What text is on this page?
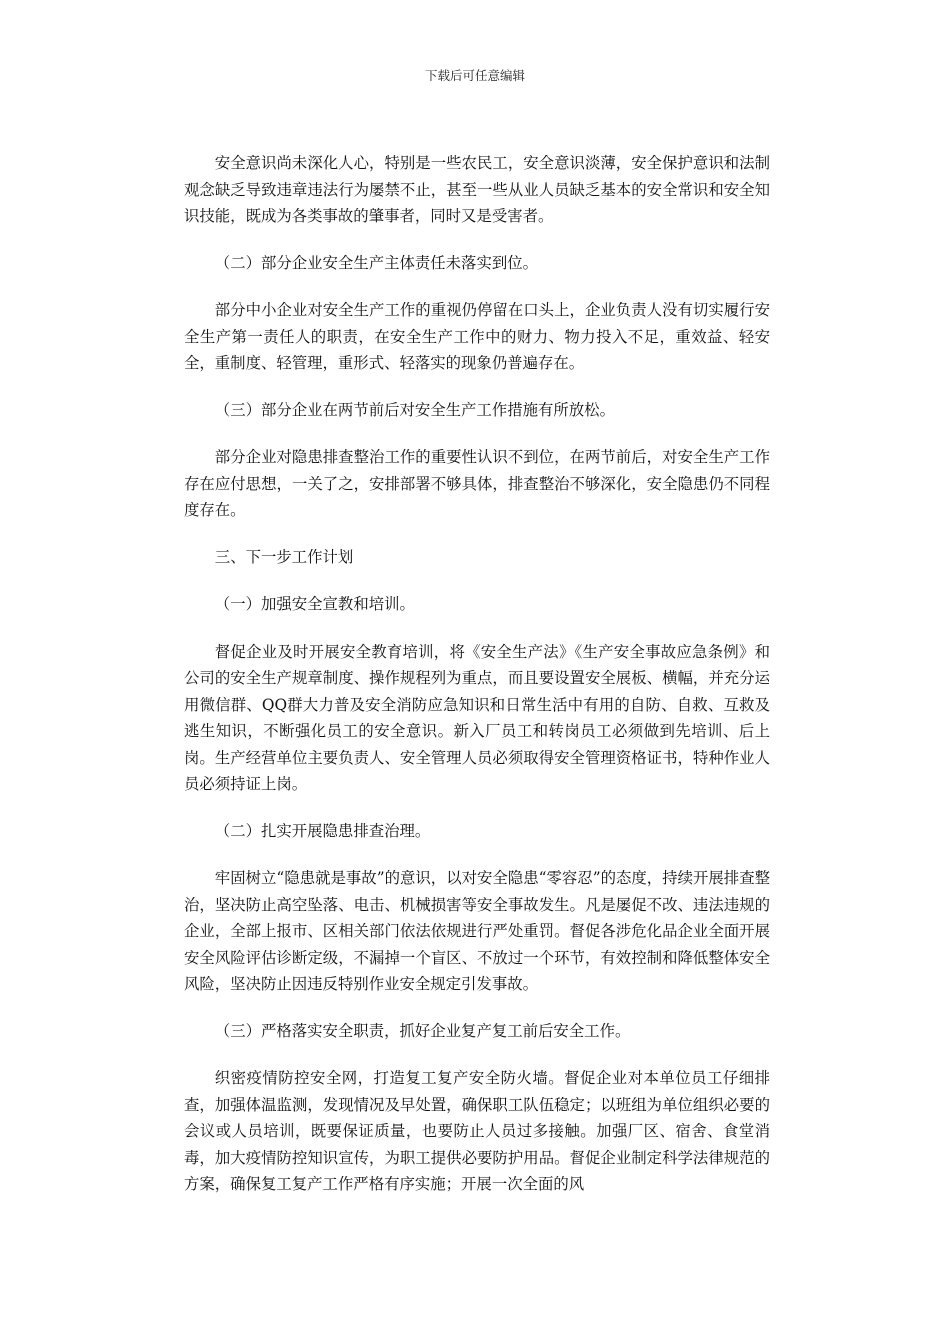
下载后可任意编辑

安全意识尚未深化人心，特别是一些农民工，安全意识淡薄，安全保护意识和法制观念缺乏导致违章违法行为屡禁不止，甚至一些从业人员缺乏基本的安全常识和安全知识技能，既成为各类事故的肇事者，同时又是受害者。

（二）部分企业安全生产主体责任未落实到位。

部分中小企业对安全生产工作的重视仍停留在口头上，企业负责人没有切实履行安全生产第一责任人的职责，在安全生产工作中的财力、物力投入不足，重效益、轻安全，重制度、轻管理，重形式、轻落实的现象仍普遍存在。

（三）部分企业在两节前后对安全生产工作措施有所放松。

部分企业对隐患排查整治工作的重要性认识不到位，在两节前后，对安全生产工作存在应付思想，一关了之，安排部署不够具体，排查整治不够深化，安全隐患仍不同程度存在。

三、下一步工作计划

（一）加强安全宣教和培训。

督促企业及时开展安全教育培训，将《安全生产法》《生产安全事故应急条例》和公司的安全生产规章制度、操作规程列为重点，而且要设置安全展板、横幅，并充分运用微信群、QQ群大力普及安全消防应急知识和日常生活中有用的自防、自救、互救及逃生知识，不断强化员工的安全意识。新入厂员工和转岗员工必须做到先培训、后上岗。生产经营单位主要负责人、安全管理人员必须取得安全管理资格证书，特种作业人员必须持证上岗。

（二）扎实开展隐患排查治理。

牢固树立“隐患就是事故”的意识，以对安全隐患“零容忍”的态度，持续开展排查整治，坚决防止高空坠落、电击、机械损害等安全事故发生。凡是屡促不改、违法违规的企业，全部上报市、区相关部门依法依规进行严处重罚。督促各涉危化品企业全面开展安全风险评估诊断定级，不漏掉一个盲区、不放过一个环节，有效控制和降低整体安全风险，坚决防止因违反特别作业安全规定引发事故。

（三）严格落实安全职责，抓好企业复产复工前后安全工作。

织密疫情防控安全网，打造复工复产安全防火墙。督促企业对本单位员工仔细排查，加强体温监测，发现情况及早处置，确保职工队伍稳定；以班组为单位组织必要的会议或人员培训，既要保证质量，也要防止人员过多接触。加强厂区、宿舍、食堂消毒，加大疫情防控知识宣传，为职工提供必要防护用品。督促企业制定科学法律规范的方案，确保复工复产工作严格有序实施；开展一次全面的风
